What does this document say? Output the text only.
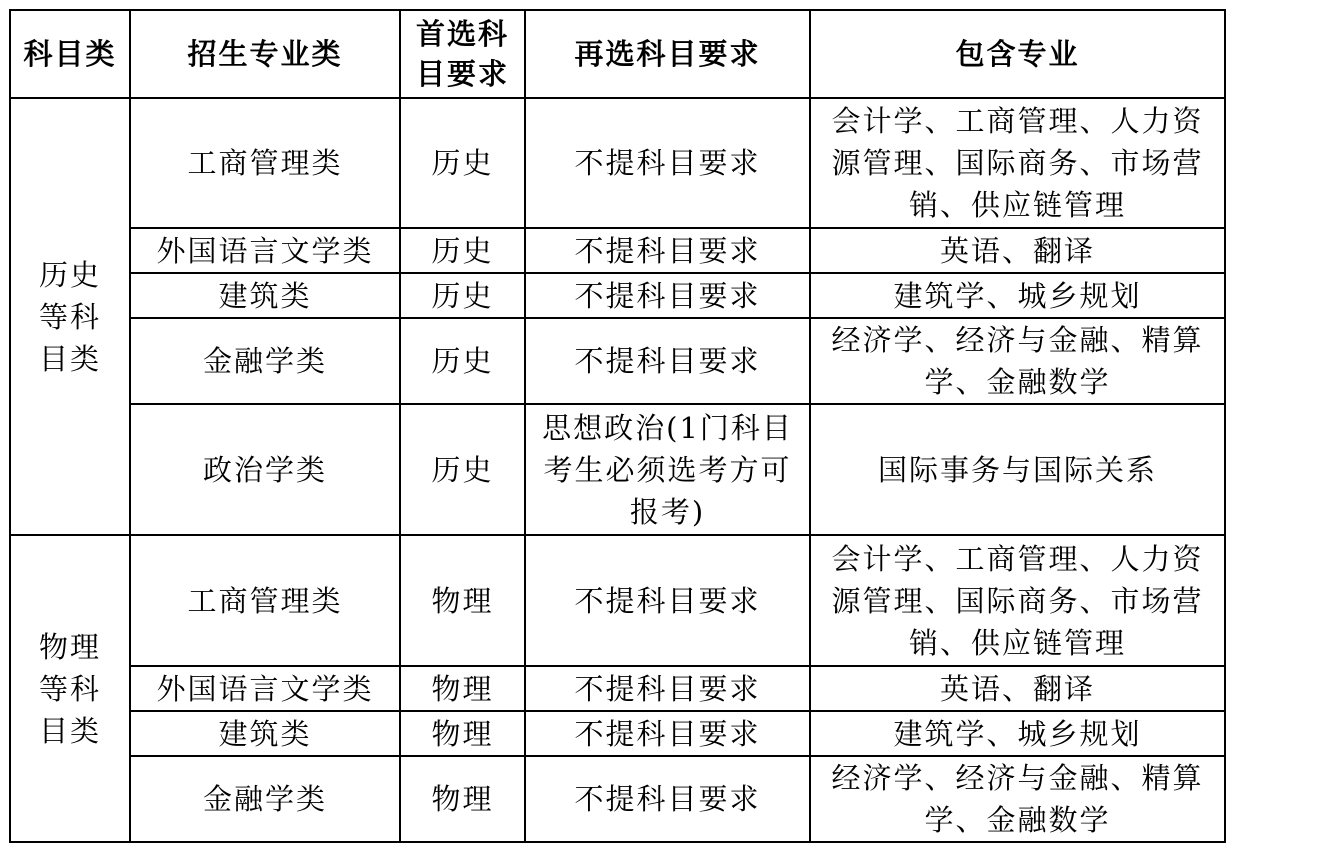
科目类	招生专业类	首选科目要求	再选科目要求	包含专业
历史等科目类	工商管理类	历史	不提科目要求	会计学、工商管理、人力资源管理、国际商务、市场营销、供应链管理
	外国语言文学类	历史	不提科目要求	英语、翻译
	建筑类	历史	不提科目要求	建筑学、城乡规划
	金融学类	历史	不提科目要求	经济学、经济与金融、精算学、金融数学
	政治学类	历史	思想政治(1门科目考生必须选考方可报考)	国际事务与国际关系
物理等科目类	工商管理类	物理	不提科目要求	会计学、工商管理、人力资源管理、国际商务、市场营销、供应链管理
	外国语言文学类	物理	不提科目要求	英语、翻译
	建筑类	物理	不提科目要求	建筑学、城乡规划
	金融学类	物理	不提科目要求	经济学、经济与金融、精算学、金融数学
